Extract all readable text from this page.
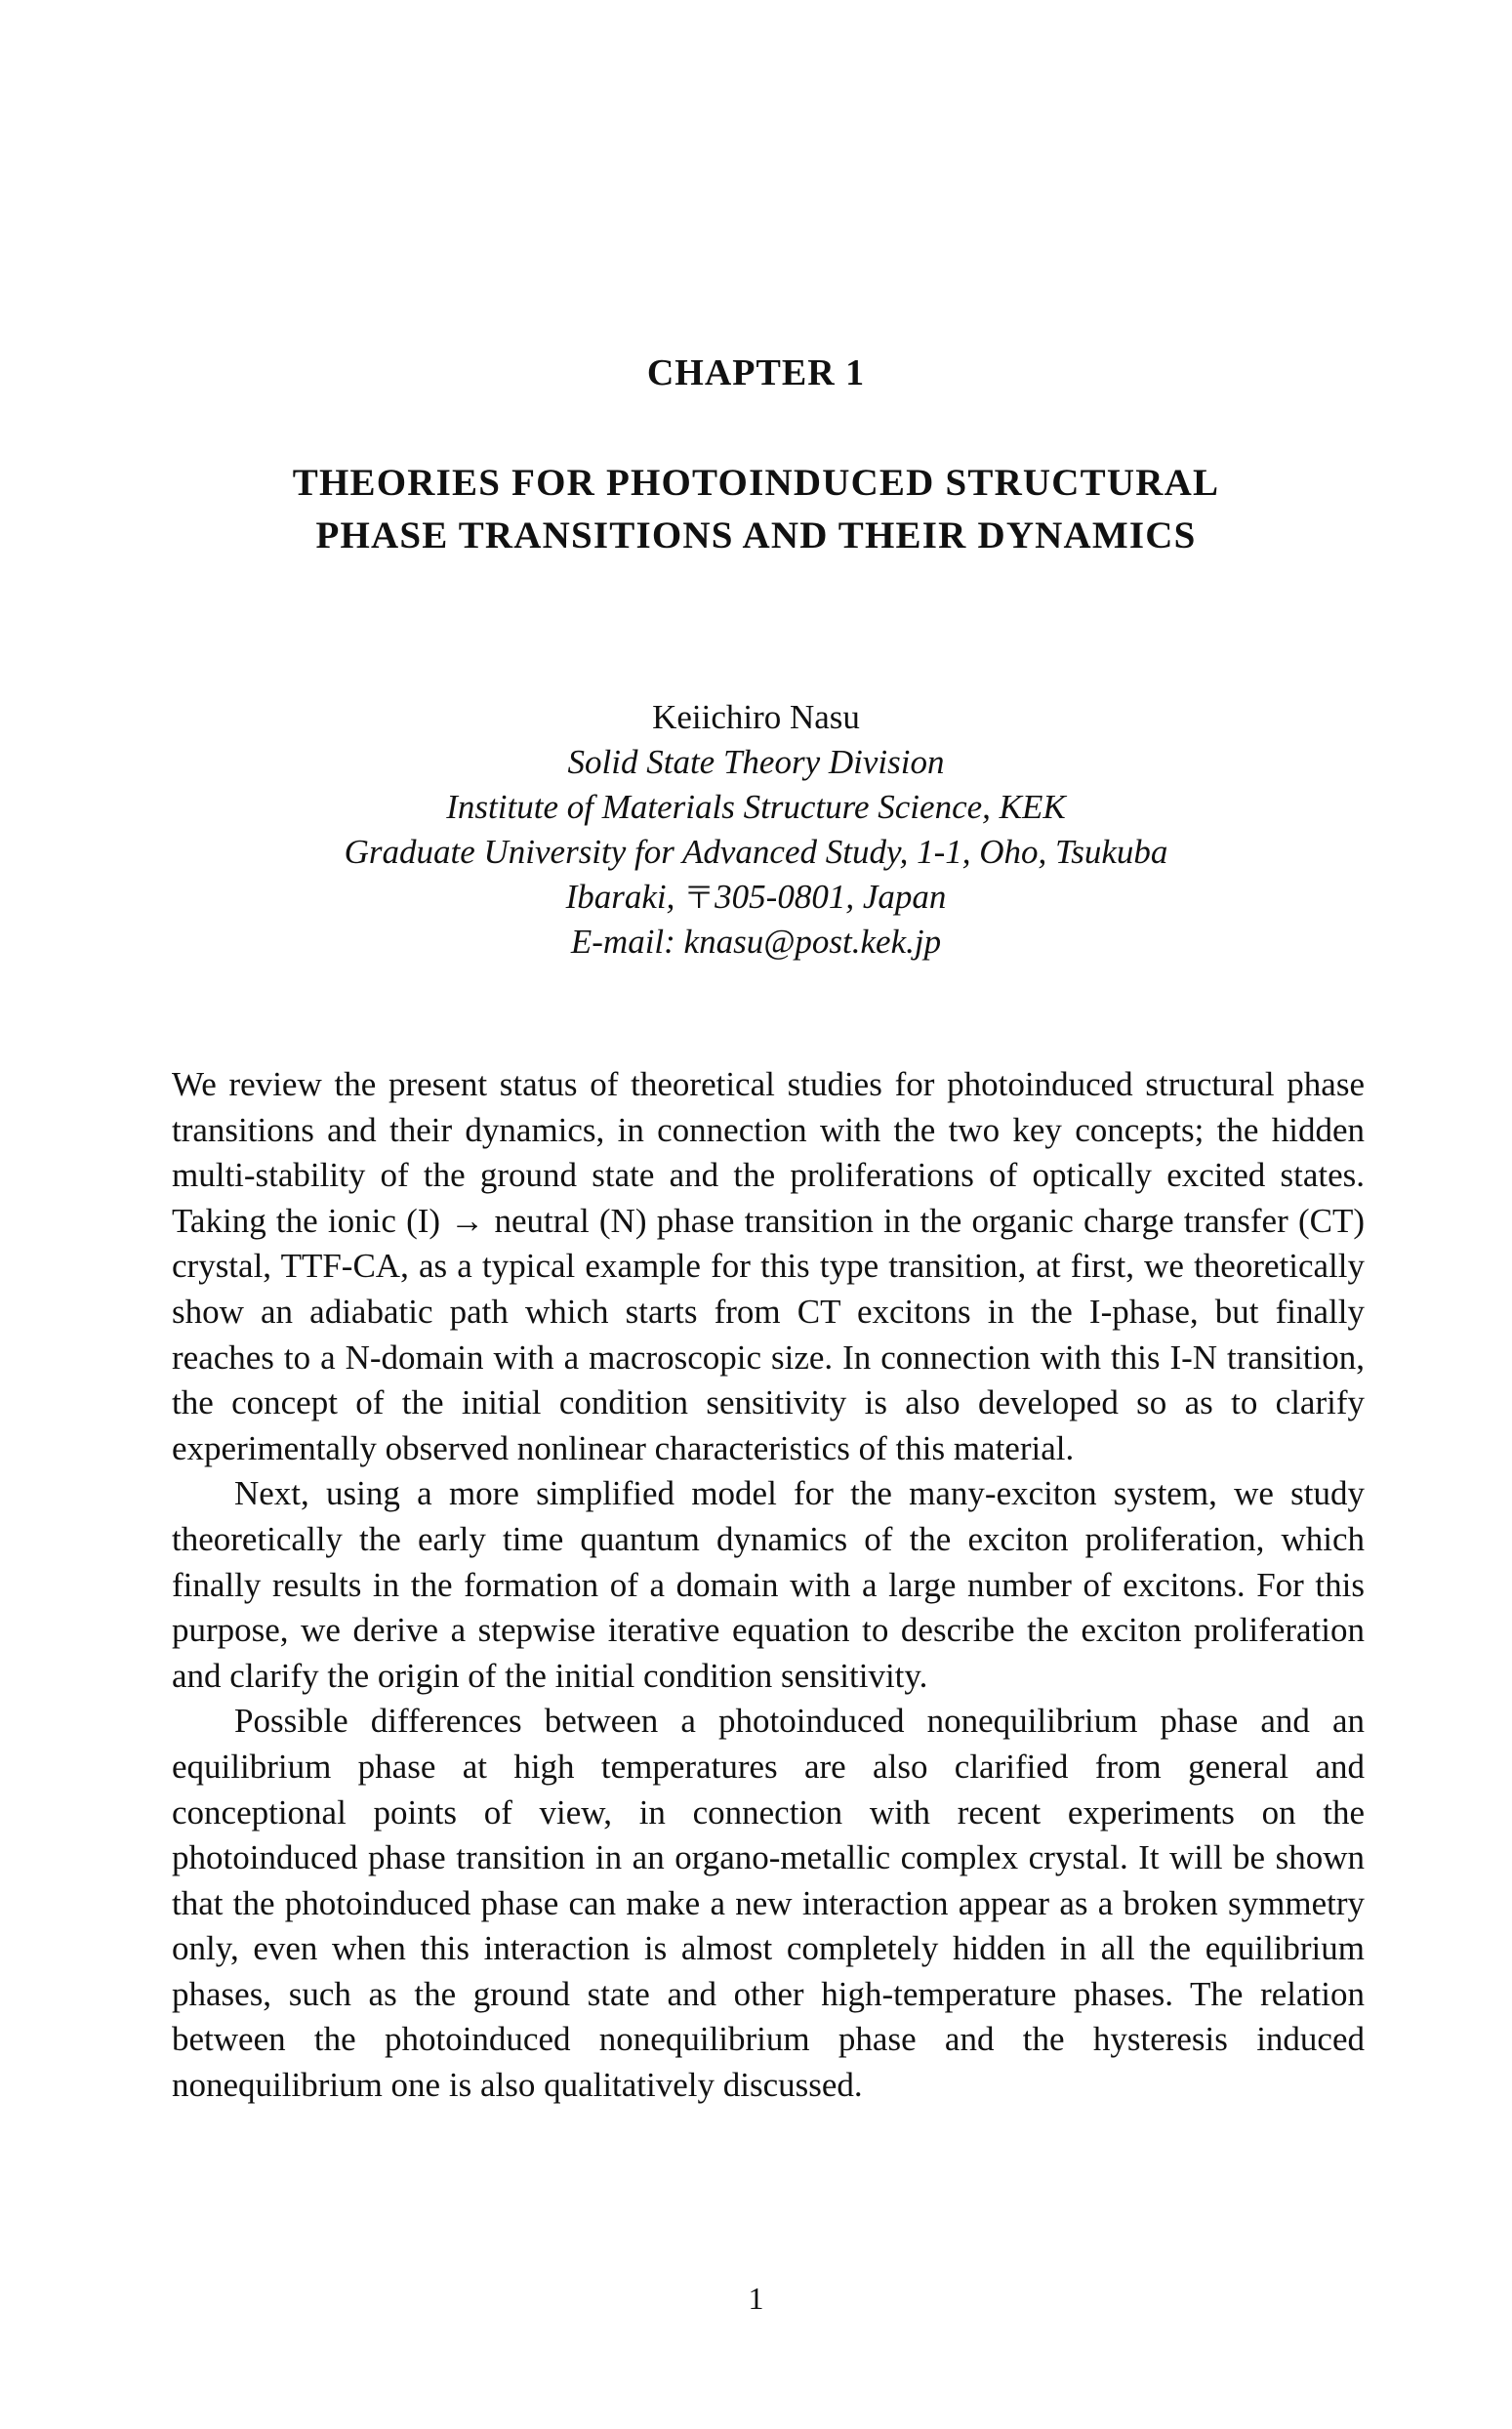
CHAPTER 1
THEORIES FOR PHOTOINDUCED STRUCTURAL
PHASE TRANSITIONS AND THEIR DYNAMICS
Keiichiro Nasu
Solid State Theory Division
Institute of Materials Structure Science, KEK
Graduate University for Advanced Study, 1-1, Oho, Tsukuba
Ibaraki, 〒305-0801, Japan
E-mail: knasu@post.kek.jp

We review the present status of theoretical studies for photoinduced structural phase transitions and their dynamics, in connection with the two key concepts; the hidden multi-stability of the ground state and the proliferations of optically excited states. Taking the ionic (I) → neutral (N) phase transition in the organic charge transfer (CT) crystal, TTF-CA, as a typical example for this type transition, at first, we theoretically show an adiabatic path which starts from CT excitons in the I-phase, but finally reaches to a N-domain with a macroscopic size. In connection with this I-N transition, the concept of the initial condition sensitivity is also developed so as to clarify experimentally observed nonlinear characteristics of this material.

Next, using a more simplified model for the many-exciton system, we study theoretically the early time quantum dynamics of the exciton proliferation, which finally results in the formation of a domain with a large number of excitons. For this purpose, we derive a stepwise iterative equation to describe the exciton proliferation and clarify the origin of the initial condition sensitivity.

Possible differences between a photoinduced nonequilibrium phase and an equilibrium phase at high temperatures are also clarified from general and conceptional points of view, in connection with recent experiments on the photoinduced phase transition in an organo-metallic complex crystal. It will be shown that the photoinduced phase can make a new interaction appear as a broken symmetry only, even when this interaction is almost completely hidden in all the equilibrium phases, such as the ground state and other high-temperature phases. The relation between the photoinduced nonequilibrium phase and the hysteresis induced nonequilibrium one is also qualitatively discussed.

1
